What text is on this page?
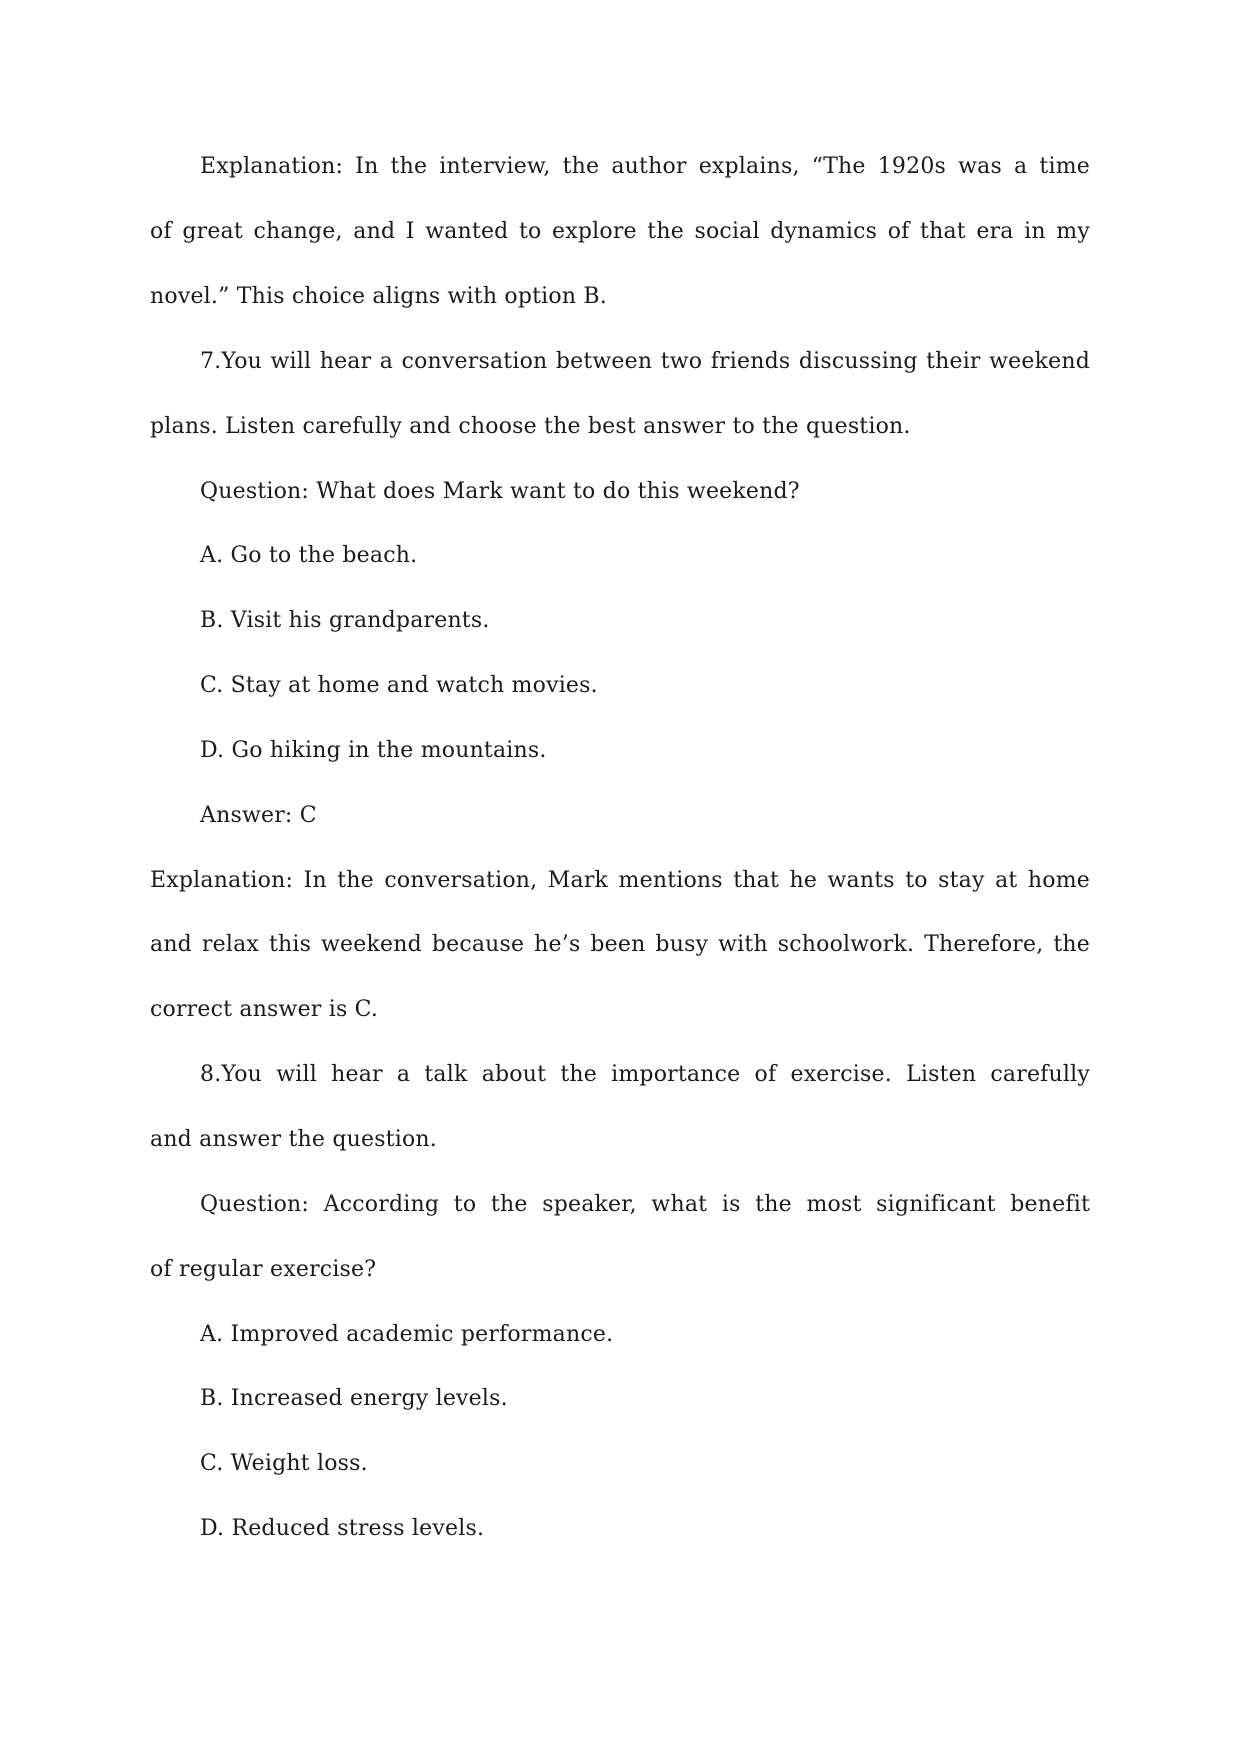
Explanation: In the interview, the author explains, “The 1920s was a time
of great change, and I wanted to explore the social dynamics of that era in my
novel.” This choice aligns with option B.
7.You will hear a conversation between two friends discussing their weekend
plans. Listen carefully and choose the best answer to the question.
Question: What does Mark want to do this weekend?
A. Go to the beach.
B. Visit his grandparents.
C. Stay at home and watch movies.
D. Go hiking in the mountains.
Answer: C
Explanation: In the conversation, Mark mentions that he wants to stay at home
and relax this weekend because he’s been busy with schoolwork. Therefore, the
correct answer is C.
8.You will hear a talk about the importance of exercise. Listen carefully
and answer the question.
Question: According to the speaker, what is the most significant benefit
of regular exercise?
A. Improved academic performance.
B. Increased energy levels.
C. Weight loss.
D. Reduced stress levels.
